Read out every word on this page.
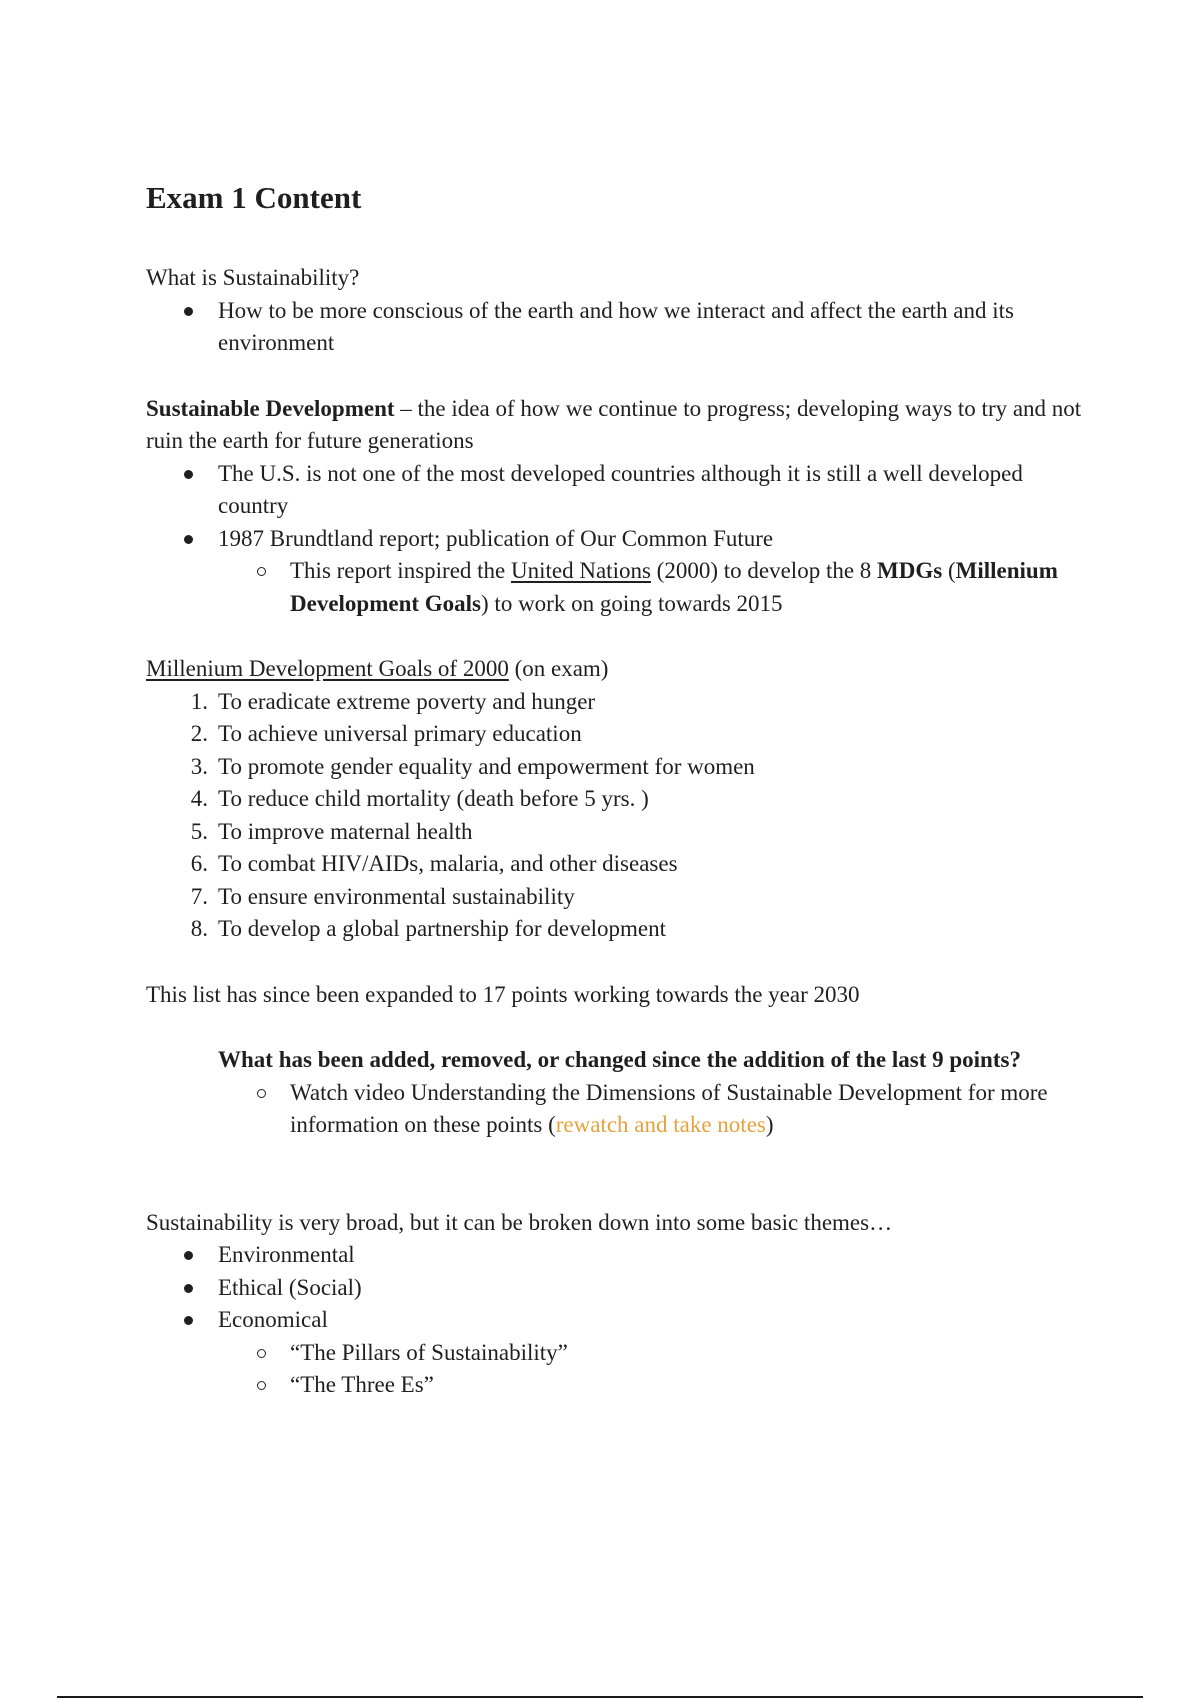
Exam 1 Content

What is Sustainability?

How to be more conscious of the earth and how we interact and affect the earth and its environment

Sustainable Development – the idea of how we continue to progress; developing ways to try and not ruin the earth for future generations

The U.S. is not one of the most developed countries although it is still a well developed country
1987 Brundtland report; publication of Our Common Future
This report inspired the United Nations (2000) to develop the 8 MDGs (Millenium Development Goals) to work on going towards 2015

Millenium Development Goals of 2000 (on exam)

1. To eradicate extreme poverty and hunger
2. To achieve universal primary education
3. To promote gender equality and empowerment for women
4. To reduce child mortality (death before 5 yrs. )
5. To improve maternal health
6. To combat HIV/AIDs, malaria, and other diseases
7. To ensure environmental sustainability
8. To develop a global partnership for development

This list has since been expanded to 17 points working towards the year 2030

What has been added, removed, or changed since the addition of the last 9 points?

Watch video Understanding the Dimensions of Sustainable Development for more information on these points (rewatch and take notes)

Sustainability is very broad, but it can be broken down into some basic themes…

Environmental
Ethical (Social)
Economical
“The Pillars of Sustainability”
“The Three Es”
